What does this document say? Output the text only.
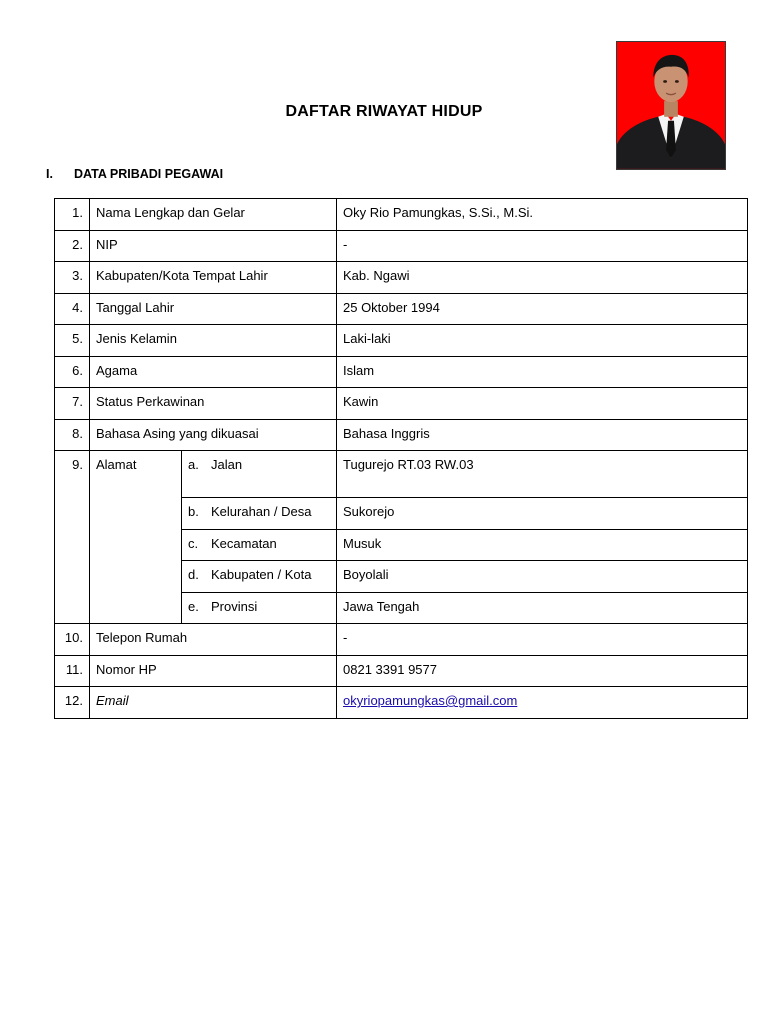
DAFTAR RIWAYAT HIDUP
I. DATA PRIBADI PEGAWAI
1.	Nama Lengkap dan Gelar		Oky Rio Pamungkas, S.Si., M.Si.
2.	NIP		-
3.	Kabupaten/Kota Tempat Lahir		Kab. Ngawi
4.	Tanggal Lahir		25 Oktober 1994
5.	Jenis Kelamin		Laki-laki
6.	Agama		Islam
7.	Status Perkawinan		Kawin
8.	Bahasa Asing yang dikuasai		Bahasa Inggris
9.	Alamat	a. Jalan	Tugurejo RT.03 RW.03
		b. Kelurahan / Desa	Sukorejo
		c. Kecamatan	Musuk
		d. Kabupaten / Kota	Boyolali
		e. Provinsi	Jawa Tengah
10.	Telepon Rumah		-
11.	Nomor HP		0821 3391 9577
12.	Email		okyriopamungkas@gmail.com
